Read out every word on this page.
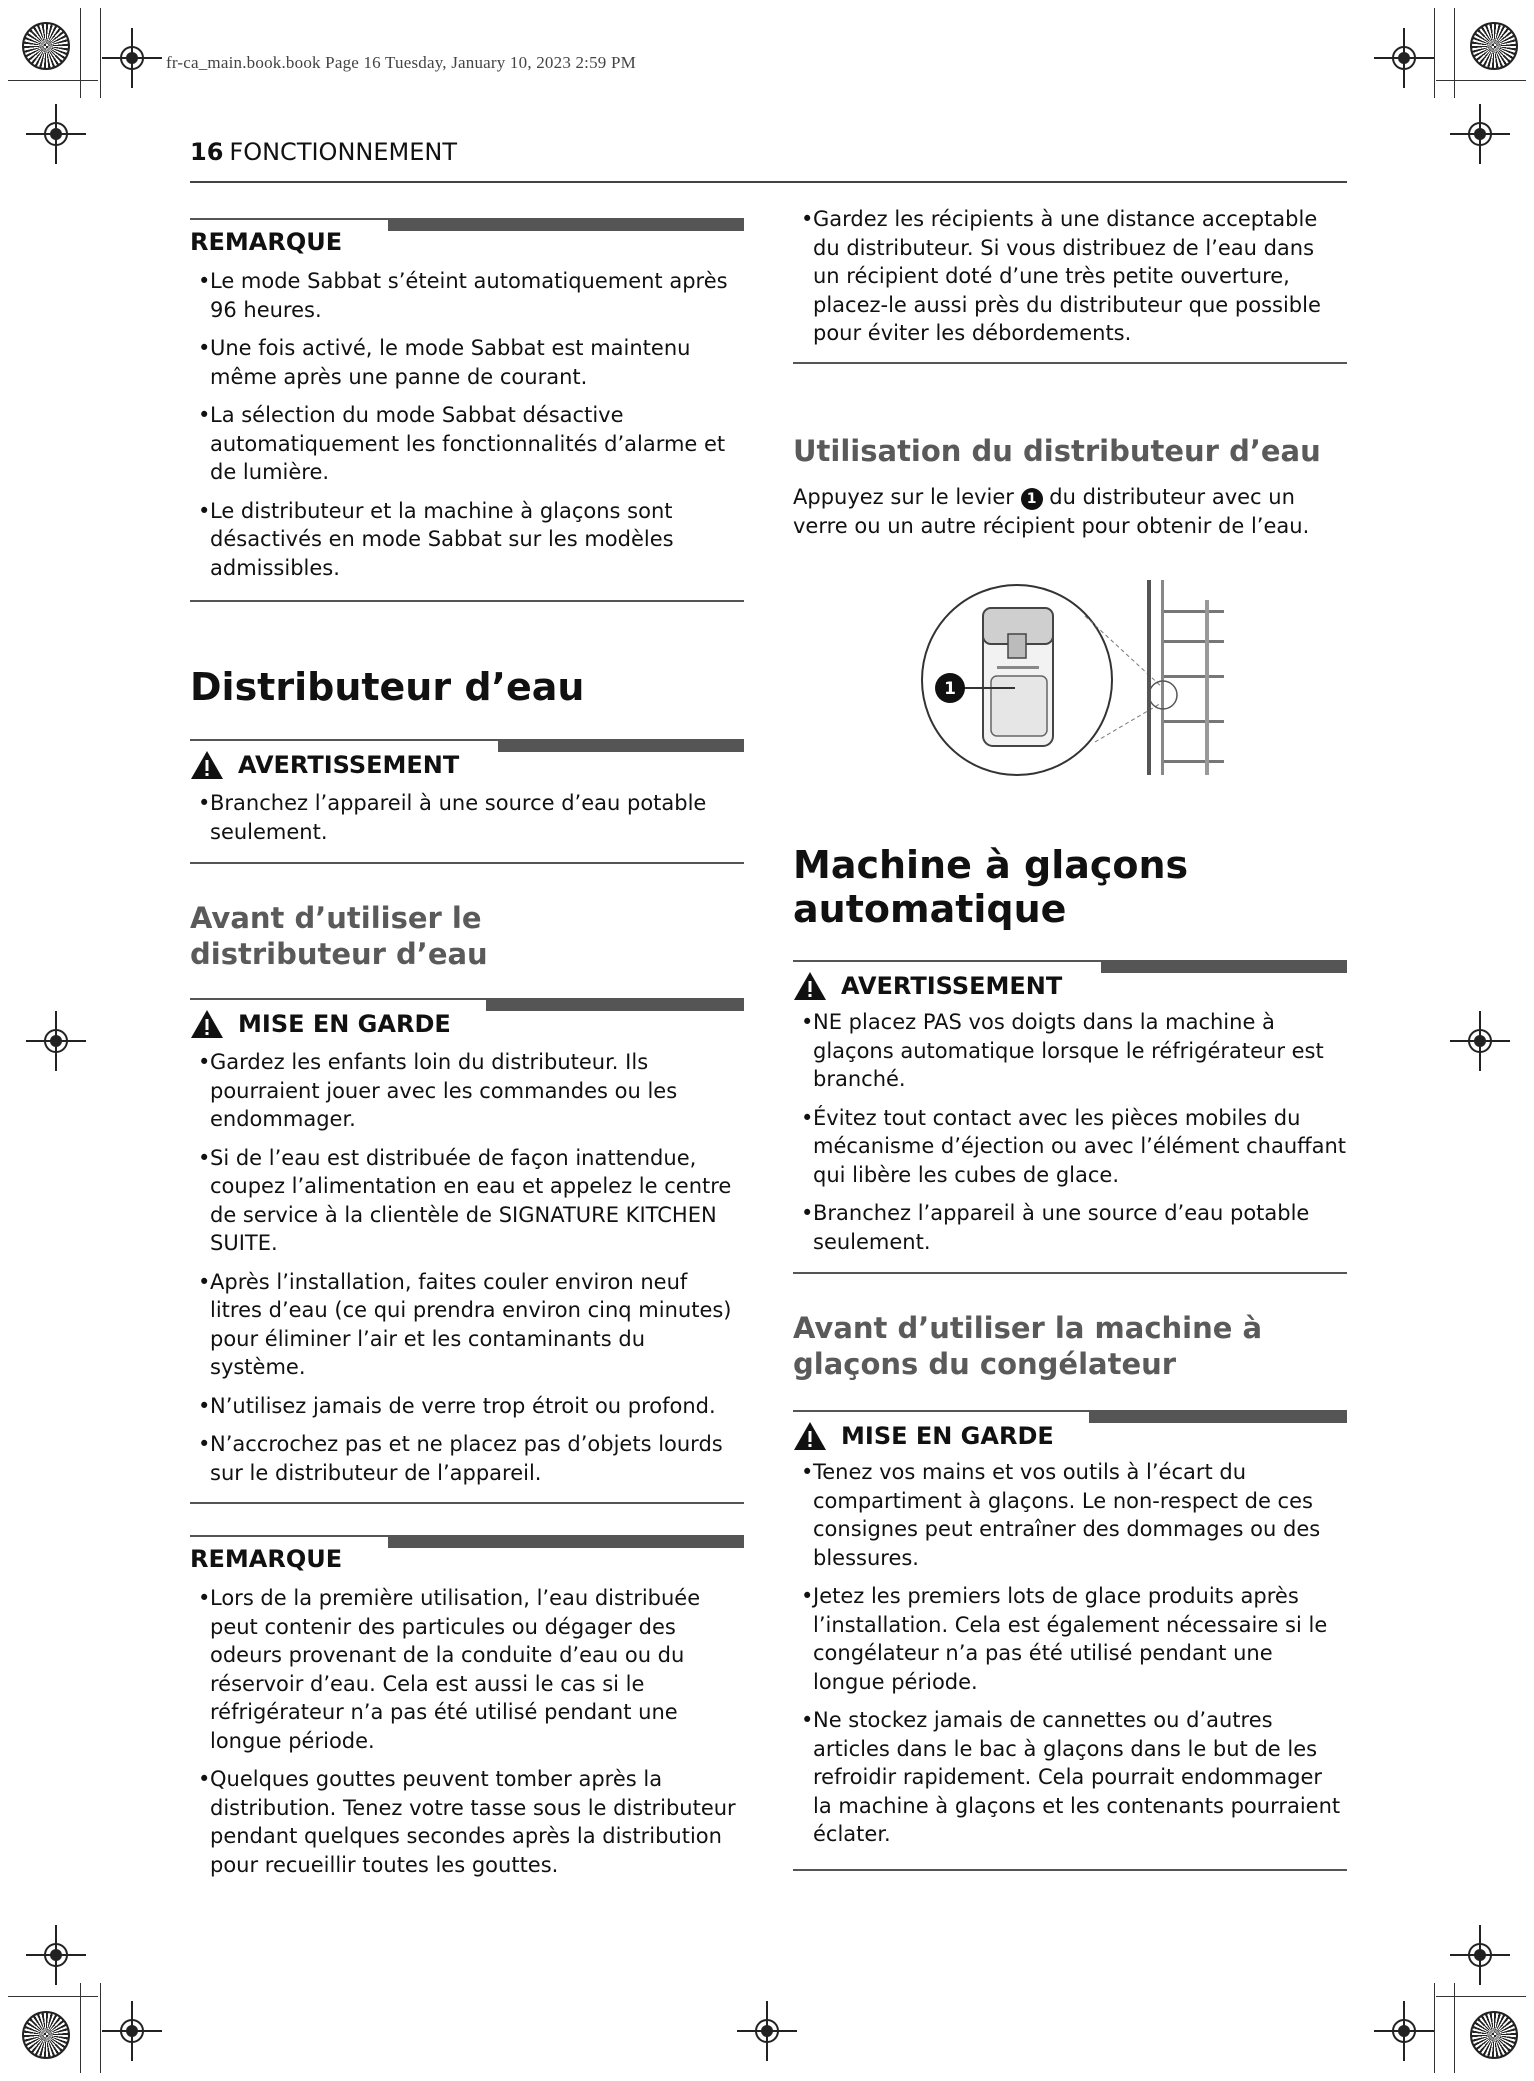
fr-ca_main.book.book Page 16 Tuesday, January 10, 2023 2:59 PM
16 FONCTIONNEMENT
REMARQUE
• Le mode Sabbat s’éteint automatiquement après 96 heures.
• Une fois activé, le mode Sabbat est maintenu même après une panne de courant.
• La sélection du mode Sabbat désactive automatiquement les fonctionnalités d’alarme et de lumière.
• Le distributeur et la machine à glaçons sont désactivés en mode Sabbat sur les modèles admissibles.
Distributeur d’eau
AVERTISSEMENT
• Branchez l’appareil à une source d’eau potable seulement.
Avant d’utiliser le distributeur d’eau
MISE EN GARDE
• Gardez les enfants loin du distributeur. Ils pourraient jouer avec les commandes ou les endommager.
• Si de l’eau est distribuée de façon inattendue, coupez l’alimentation en eau et appelez le centre de service à la clientèle de SIGNATURE KITCHEN SUITE.
• Après l’installation, faites couler environ neuf litres d’eau (ce qui prendra environ cinq minutes) pour éliminer l’air et les contaminants du système.
• N’utilisez jamais de verre trop étroit ou profond.
• N’accrochez pas et ne placez pas d’objets lourds sur le distributeur de l’appareil.
REMARQUE
• Lors de la première utilisation, l’eau distribuée peut contenir des particules ou dégager des odeurs provenant de la conduite d’eau ou du réservoir d’eau. Cela est aussi le cas si le réfrigérateur n’a pas été utilisé pendant une longue période.
• Quelques gouttes peuvent tomber après la distribution. Tenez votre tasse sous le distributeur pendant quelques secondes après la distribution pour recueillir toutes les gouttes.
• Gardez les récipients à une distance acceptable du distributeur. Si vous distribuez de l’eau dans un récipient doté d’une très petite ouverture, placez-le aussi près du distributeur que possible pour éviter les débordements.
Utilisation du distributeur d’eau
Appuyez sur le levier 1 du distributeur avec un verre ou un autre récipient pour obtenir de l’eau.
1
Machine à glaçons automatique
AVERTISSEMENT
• NE placez PAS vos doigts dans la machine à glaçons automatique lorsque le réfrigérateur est branché.
• Évitez tout contact avec les pièces mobiles du mécanisme d’éjection ou avec l’élément chauffant qui libère les cubes de glace.
• Branchez l’appareil à une source d’eau potable seulement.
Avant d’utiliser la machine à glaçons du congélateur
MISE EN GARDE
• Tenez vos mains et vos outils à l’écart du compartiment à glaçons. Le non-respect de ces consignes peut entraîner des dommages ou des blessures.
• Jetez les premiers lots de glace produits après l’installation. Cela est également nécessaire si le congélateur n’a pas été utilisé pendant une longue période.
• Ne stockez jamais de cannettes ou d’autres articles dans le bac à glaçons dans le but de les refroidir rapidement. Cela pourrait endommager la machine à glaçons et les contenants pourraient éclater.
